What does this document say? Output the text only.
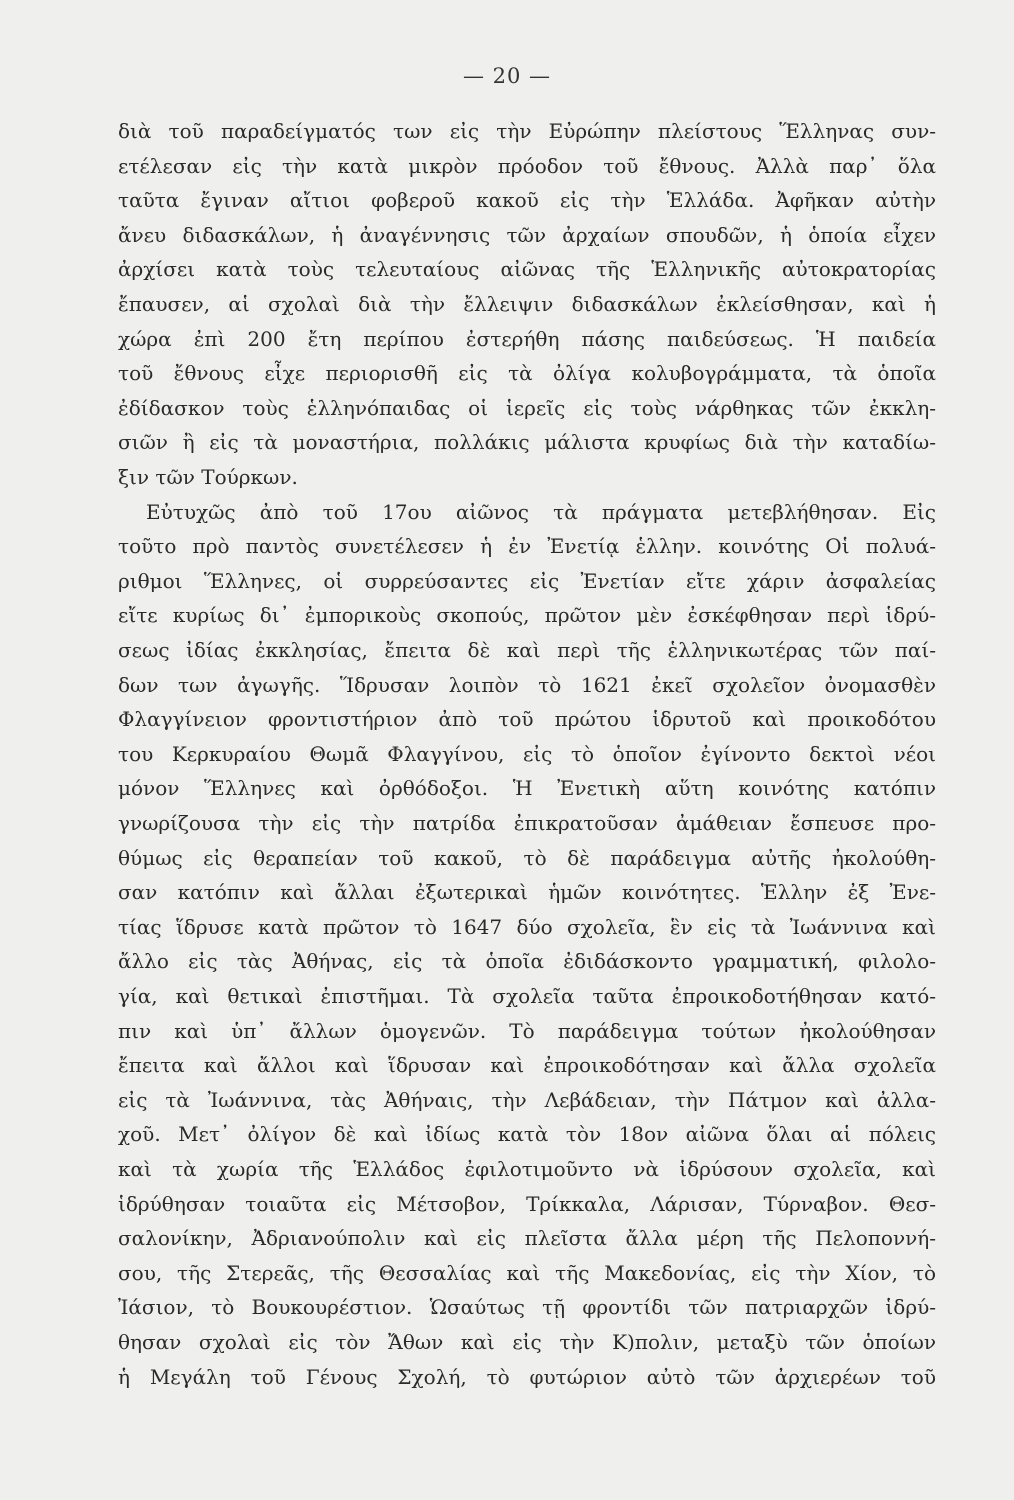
— 20 —
διὰ τοῦ παραδείγματός των εἰς τὴν Εὐρώπην πλείστους Ἕλληνας συν-
ετέλεσαν εἰς τὴν κατὰ μικρὸν πρόοδον τοῦ ἔθνους. Ἀλλὰ παρ᾽ ὅλα
ταῦτα ἔγιναν αἴτιοι φοβεροῦ κακοῦ εἰς τὴν Ἑλλάδα. Ἀφῆκαν αὐτὴν
ἄνευ διδασκάλων, ἡ ἀναγέννησις τῶν ἀρχαίων σπουδῶν, ἡ ὁποία εἶχεν
ἀρχίσει κατὰ τοὺς τελευταίους αἰῶνας τῆς Ἑλληνικῆς αὐτοκρατορίας
ἔπαυσεν, αἱ σχολαὶ διὰ τὴν ἔλλειψιν διδασκάλων ἐκλείσθησαν, καὶ ἡ
χώρα ἐπὶ 200 ἔτη περίπου ἐστερήθη πάσης παιδεύσεως. Ἡ παιδεία
τοῦ ἔθνους εἶχε περιορισθῆ εἰς τὰ ὀλίγα κολυβογράμματα, τὰ ὁποῖα
ἐδίδασκον τοὺς ἑλληνόπαιδας οἱ ἱερεῖς εἰς τοὺς νάρθηκας τῶν ἐκκλη-
σιῶν ἢ εἰς τὰ μοναστήρια, πολλάκις μάλιστα κρυφίως διὰ τὴν καταδίω-
ξιν τῶν Τούρκων.
Εὐτυχῶς ἀπὸ τοῦ 17ου αἰῶνος τὰ πράγματα μετεβλήθησαν. Εἰς
τοῦτο πρὸ παντὸς συνετέλεσεν ἡ ἐν Ἐνετίᾳ ἑλλην. κοινότης Οἱ πολυά-
ριθμοι Ἕλληνες, οἱ συρρεύσαντες εἰς Ἐνετίαν εἴτε χάριν ἀσφαλείας
εἴτε κυρίως δι᾽ ἐμπορικοὺς σκοπούς, πρῶτον μὲν ἐσκέφθησαν περὶ ἱδρύ-
σεως ἰδίας ἐκκλησίας, ἔπειτα δὲ καὶ περὶ τῆς ἑλληνικωτέρας τῶν παί-
δων των ἀγωγῆς. Ἵδρυσαν λοιπὸν τὸ 1621 ἐκεῖ σχολεῖον ὀνομασθὲν
Φλαγγίνειον φροντιστήριον ἀπὸ τοῦ πρώτου ἱδρυτοῦ καὶ προικοδότου
του Κερκυραίου Θωμᾶ Φλαγγίνου, εἰς τὸ ὁποῖον ἐγίνοντο δεκτοὶ νέοι
μόνον Ἕλληνες καὶ ὀρθόδοξοι. Ἡ Ἐνετικὴ αὕτη κοινότης κατόπιν
γνωρίζουσα τὴν εἰς τὴν πατρίδα ἐπικρατοῦσαν ἀμάθειαν ἔσπευσε προ-
θύμως εἰς θεραπείαν τοῦ κακοῦ, τὸ δὲ παράδειγμα αὐτῆς ἠκολούθη-
σαν κατόπιν καὶ ἄλλαι ἐξωτερικαὶ ἡμῶν κοινότητες. Ἑλλην ἐξ Ἐνε-
τίας ἵδρυσε κατὰ πρῶτον τὸ 1647 δύο σχολεῖα, ἓν εἰς τὰ Ἰωάννινα καὶ
ἄλλο εἰς τὰς Ἀθήνας, εἰς τὰ ὁποῖα ἐδιδάσκοντο γραμματική, φιλολο-
γία, καὶ θετικαὶ ἐπιστῆμαι. Τὰ σχολεῖα ταῦτα ἐπροικοδοτήθησαν κατό-
πιν καὶ ὑπ᾽ ἄλλων ὁμογενῶν. Τὸ παράδειγμα τούτων ἠκολούθησαν
ἔπειτα καὶ ἄλλοι καὶ ἵδρυσαν καὶ ἐπροικοδότησαν καὶ ἄλλα σχολεῖα
εἰς τὰ Ἰωάννινα, τὰς Ἀθήναις, τὴν Λεβάδειαν, τὴν Πάτμον καὶ ἀλλα-
χοῦ. Μετ᾽ ὀλίγον δὲ καὶ ἰδίως κατὰ τὸν 18ον αἰῶνα ὅλαι αἱ πόλεις
καὶ τὰ χωρία τῆς Ἑλλάδος ἐφιλοτιμοῦντο νὰ ἱδρύσουν σχολεῖα, καὶ
ἱδρύθησαν τοιαῦτα εἰς Μέτσοβον, Τρίκκαλα, Λάρισαν, Τύρναβον. Θεσ-
σαλονίκην, Ἀδριανούπολιν καὶ εἰς πλεῖστα ἄλλα μέρη τῆς Πελοποννή-
σου, τῆς Στερεᾶς, τῆς Θεσσαλίας καὶ τῆς Μακεδονίας, εἰς τὴν Χίον, τὸ
Ἰάσιον, τὸ Βουκουρέστιον. Ὡσαύτως τῇ φροντίδι τῶν πατριαρχῶν ἱδρύ-
θησαν σχολαὶ εἰς τὸν Ἄθων καὶ εἰς τὴν Κ)πολιν, μεταξὺ τῶν ὁποίων
ἡ Μεγάλη τοῦ Γένους Σχολή, τὸ φυτώριον αὐτὸ τῶν ἀρχιερέων τοῦ
